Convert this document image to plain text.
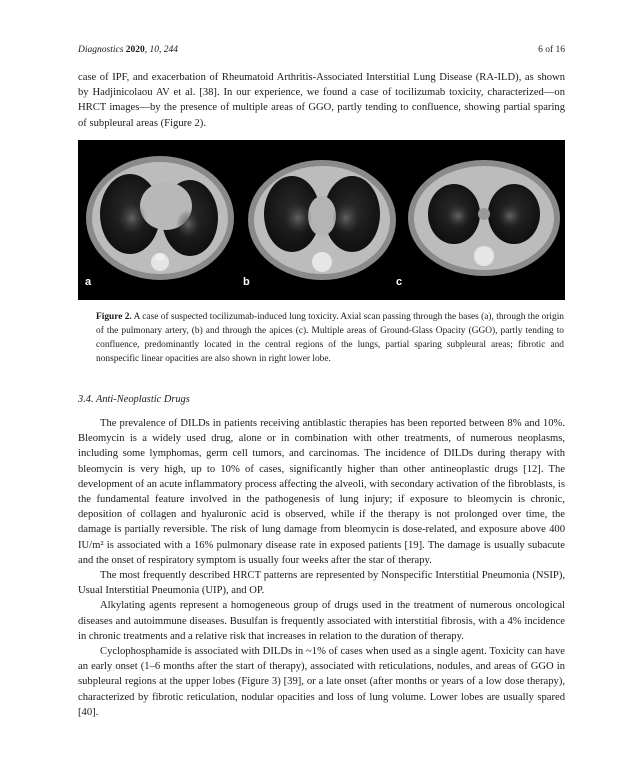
Diagnostics 2020, 10, 244	6 of 16

case of IPF, and exacerbation of Rheumatoid Arthritis-Associated Interstitial Lung Disease (RA-ILD), as shown by Hadjinicolaou AV et al. [38]. In our experience, we found a case of tocilizumab toxicity, characterized—on HRCT images—by the presence of multiple areas of GGO, partly tending to confluence, showing partial sparing of subpleural areas (Figure 2).

a	b	c
Figure 2. A case of suspected tocilizumab-induced lung toxicity. Axial scan passing through the bases (a), through the origin of the pulmonary artery, (b) and through the apices (c). Multiple areas of Ground-Glass Opacity (GGO), partly tending to confluence, predominantly located in the central regions of the lungs, partial sparing subpleural areas; fibrotic and nonspecific linear opacities are also shown in right lower lobe.
3.4. Anti-Neoplastic Drugs

The prevalence of DILDs in patients receiving antiblastic therapies has been reported between 8% and 10%. Bleomycin is a widely used drug, alone or in combination with other treatments, of numerous neoplasms, including some lymphomas, germ cell tumors, and carcinomas. The incidence of DILDs during therapy with bleomycin is very high, up to 10% of cases, significantly higher than other antineoplastic drugs [12]. The development of an acute inflammatory process affecting the alveoli, with secondary activation of the fibroblasts, is the fundamental feature involved in the pathogenesis of lung injury; if exposure to bleomycin is chronic, deposition of collagen and hyaluronic acid is observed, while if the therapy is not prolonged over time, the damage is partially reversible. The risk of lung damage from bleomycin is dose-related, and exposure above 400 IU/m² is associated with a 16% pulmonary disease rate in exposed patients [19]. The damage is usually subacute and the onset of respiratory symptom is usually four weeks after the star of therapy.

The most frequently described HRCT patterns are represented by Nonspecific Interstitial Pneumonia (NSIP), Usual Interstitial Pneumonia (UIP), and OP.

Alkylating agents represent a homogeneous group of drugs used in the treatment of numerous oncological diseases and autoimmune diseases. Busulfan is frequently associated with interstitial fibrosis, with a 4% incidence in chronic treatments and a relative risk that increases in relation to the duration of therapy.

Cyclophosphamide is associated with DILDs in ~1% of cases when used as a single agent. Toxicity can have an early onset (1–6 months after the start of therapy), associated with reticulations, nodules, and areas of GGO in subpleural regions at the upper lobes (Figure 3) [39], or a late onset (after months or years of a low dose therapy), characterized by fibrotic reticulation, nodular opacities and loss of lung volume. Lower lobes are usually spared [40].
